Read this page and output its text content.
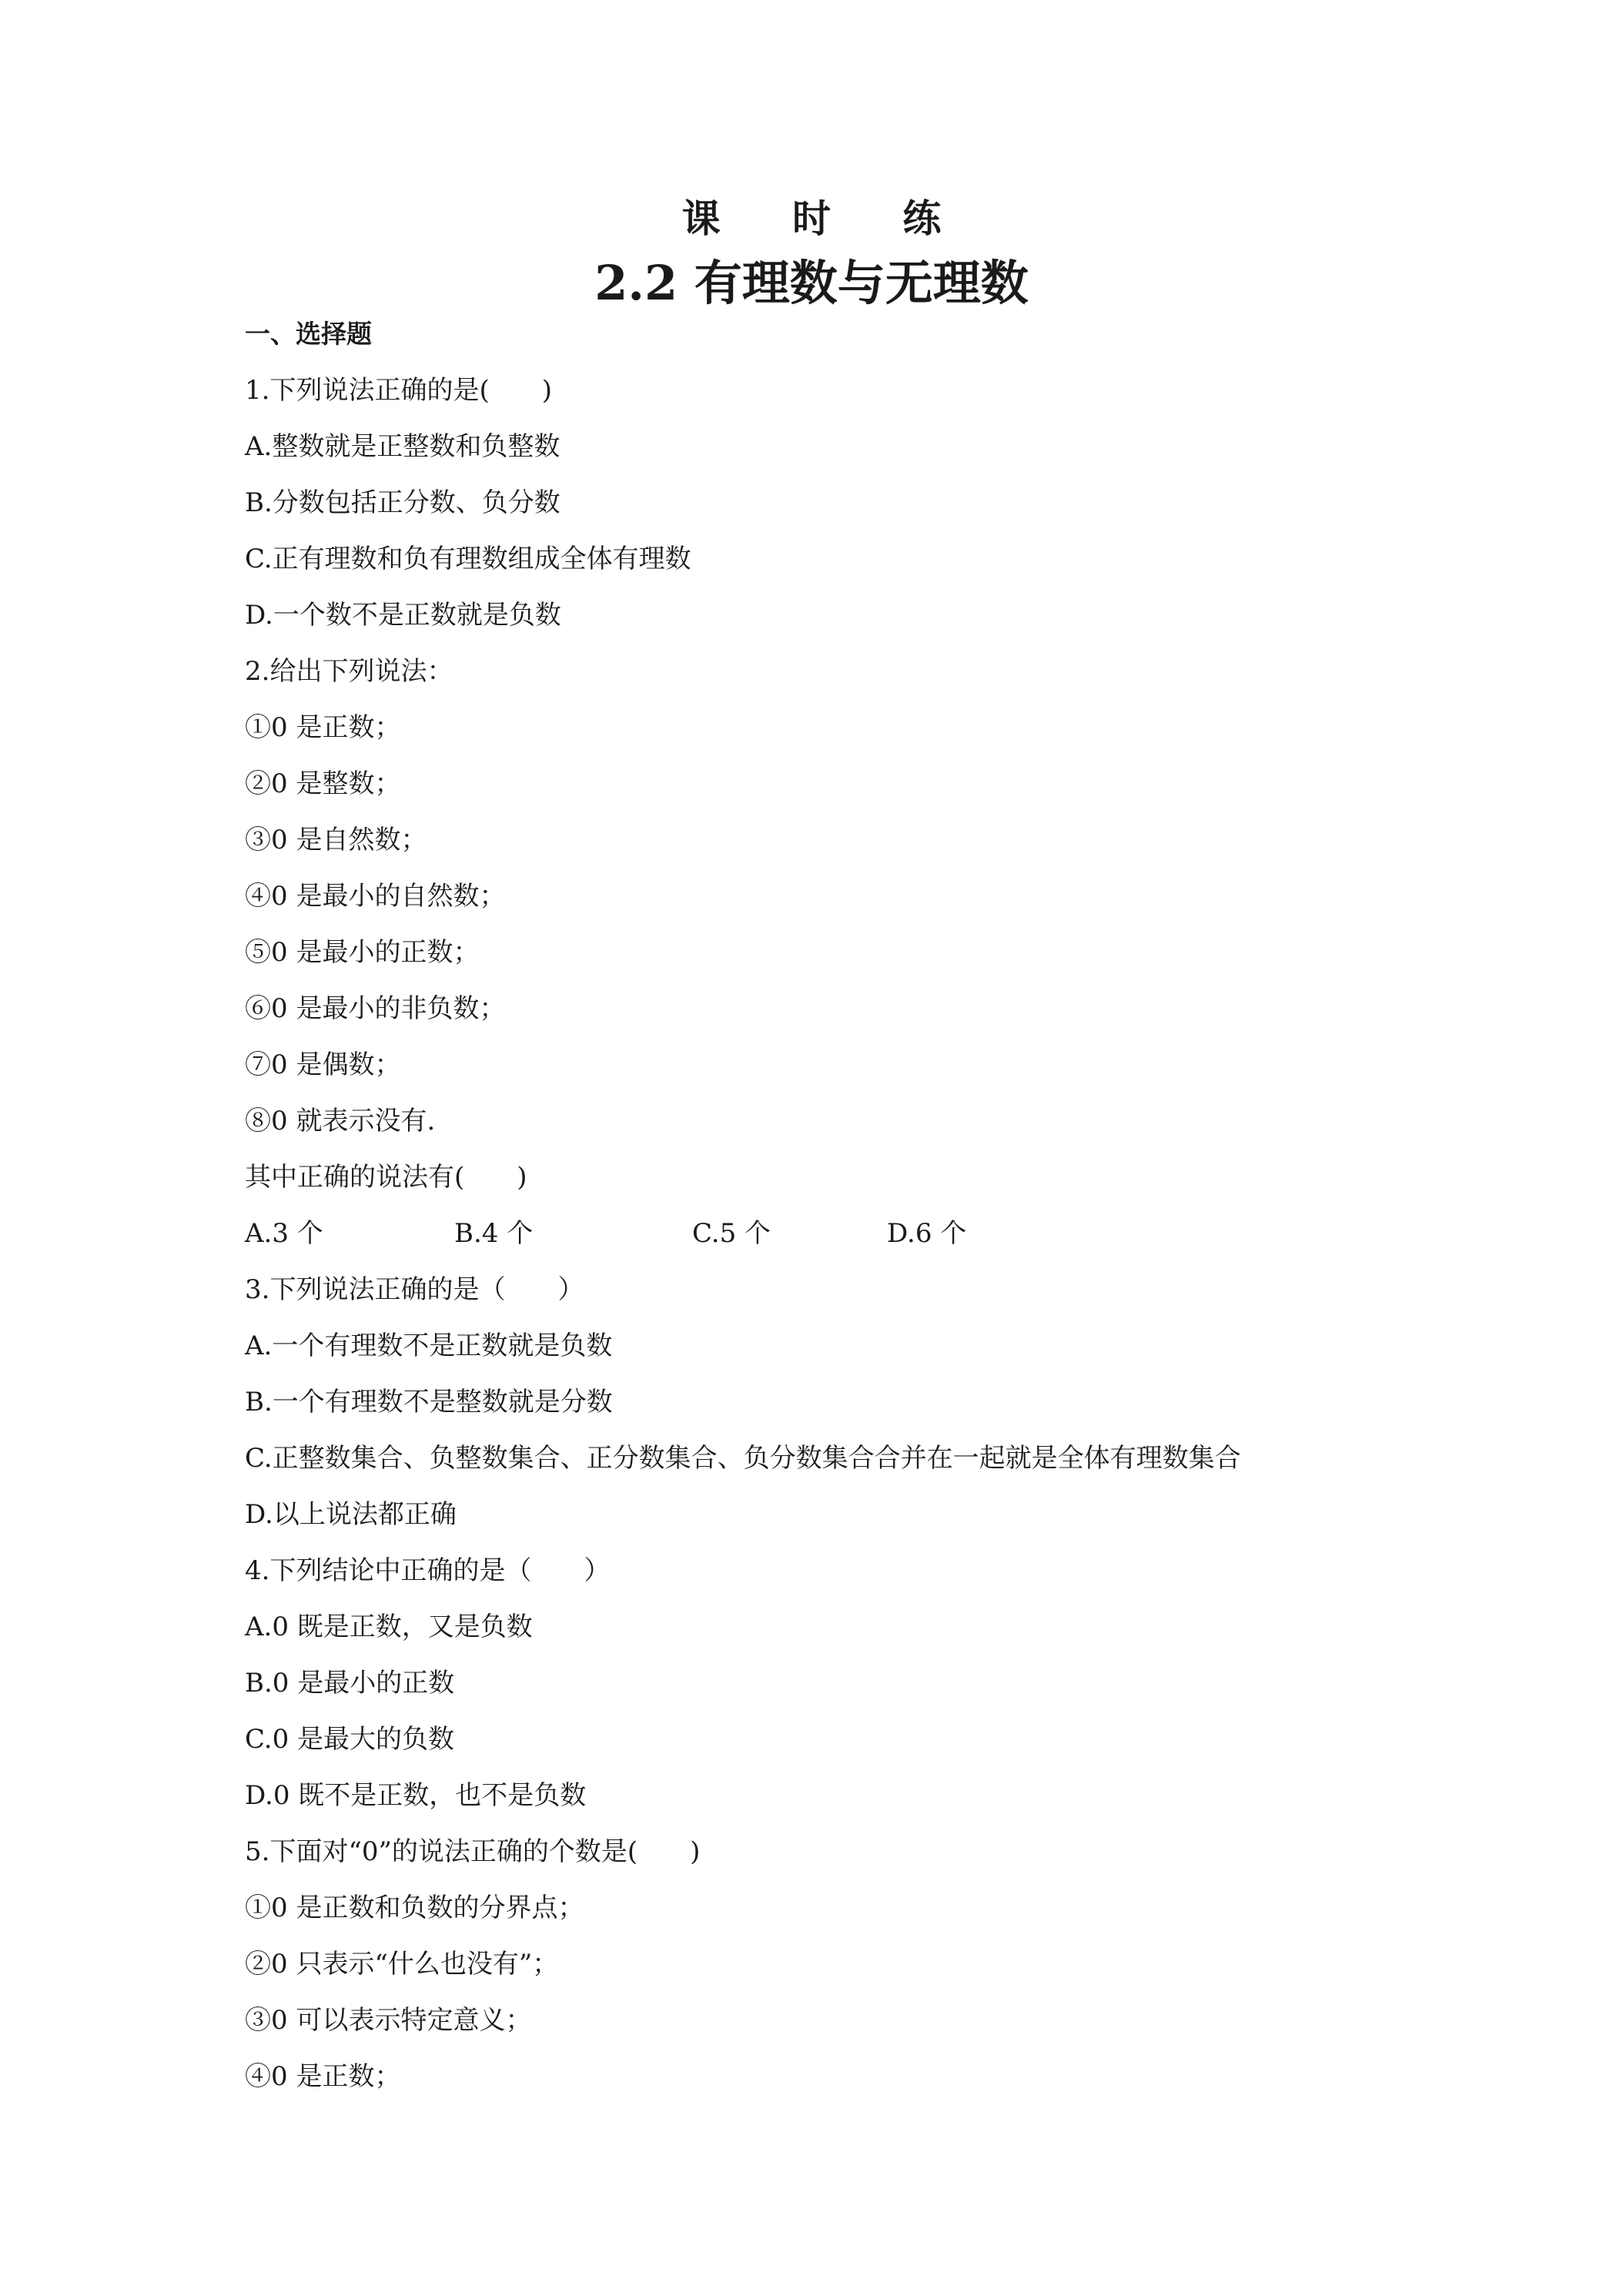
课 时 练
2.2 有理数与无理数
一、选择题
1.下列说法正确的是(　　)
A.整数就是正整数和负整数
B.分数包括正分数、负分数
C.正有理数和负有理数组成全体有理数
D.一个数不是正数就是负数
2.给出下列说法：
①0 是正数；
②0 是整数；
③0 是自然数；
④0 是最小的自然数；
⑤0 是最小的正数；
⑥0 是最小的非负数；
⑦0 是偶数；
⑧0 就表示没有.
其中正确的说法有(　　)
A.3 个	B.4 个	C.5 个	D.6 个
3.下列说法正确的是（　　）
A.一个有理数不是正数就是负数
B.一个有理数不是整数就是分数
C.正整数集合、负整数集合、正分数集合、负分数集合合并在一起就是全体有理数集合
D.以上说法都正确
4.下列结论中正确的是（　　）
A.0 既是正数，又是负数
B.0 是最小的正数
C.0 是最大的负数
D.0 既不是正数，也不是负数
5.下面对“0”的说法正确的个数是(　　)
①0 是正数和负数的分界点；
②0 只表示“什么也没有”；
③0 可以表示特定意义；
④0 是正数；
